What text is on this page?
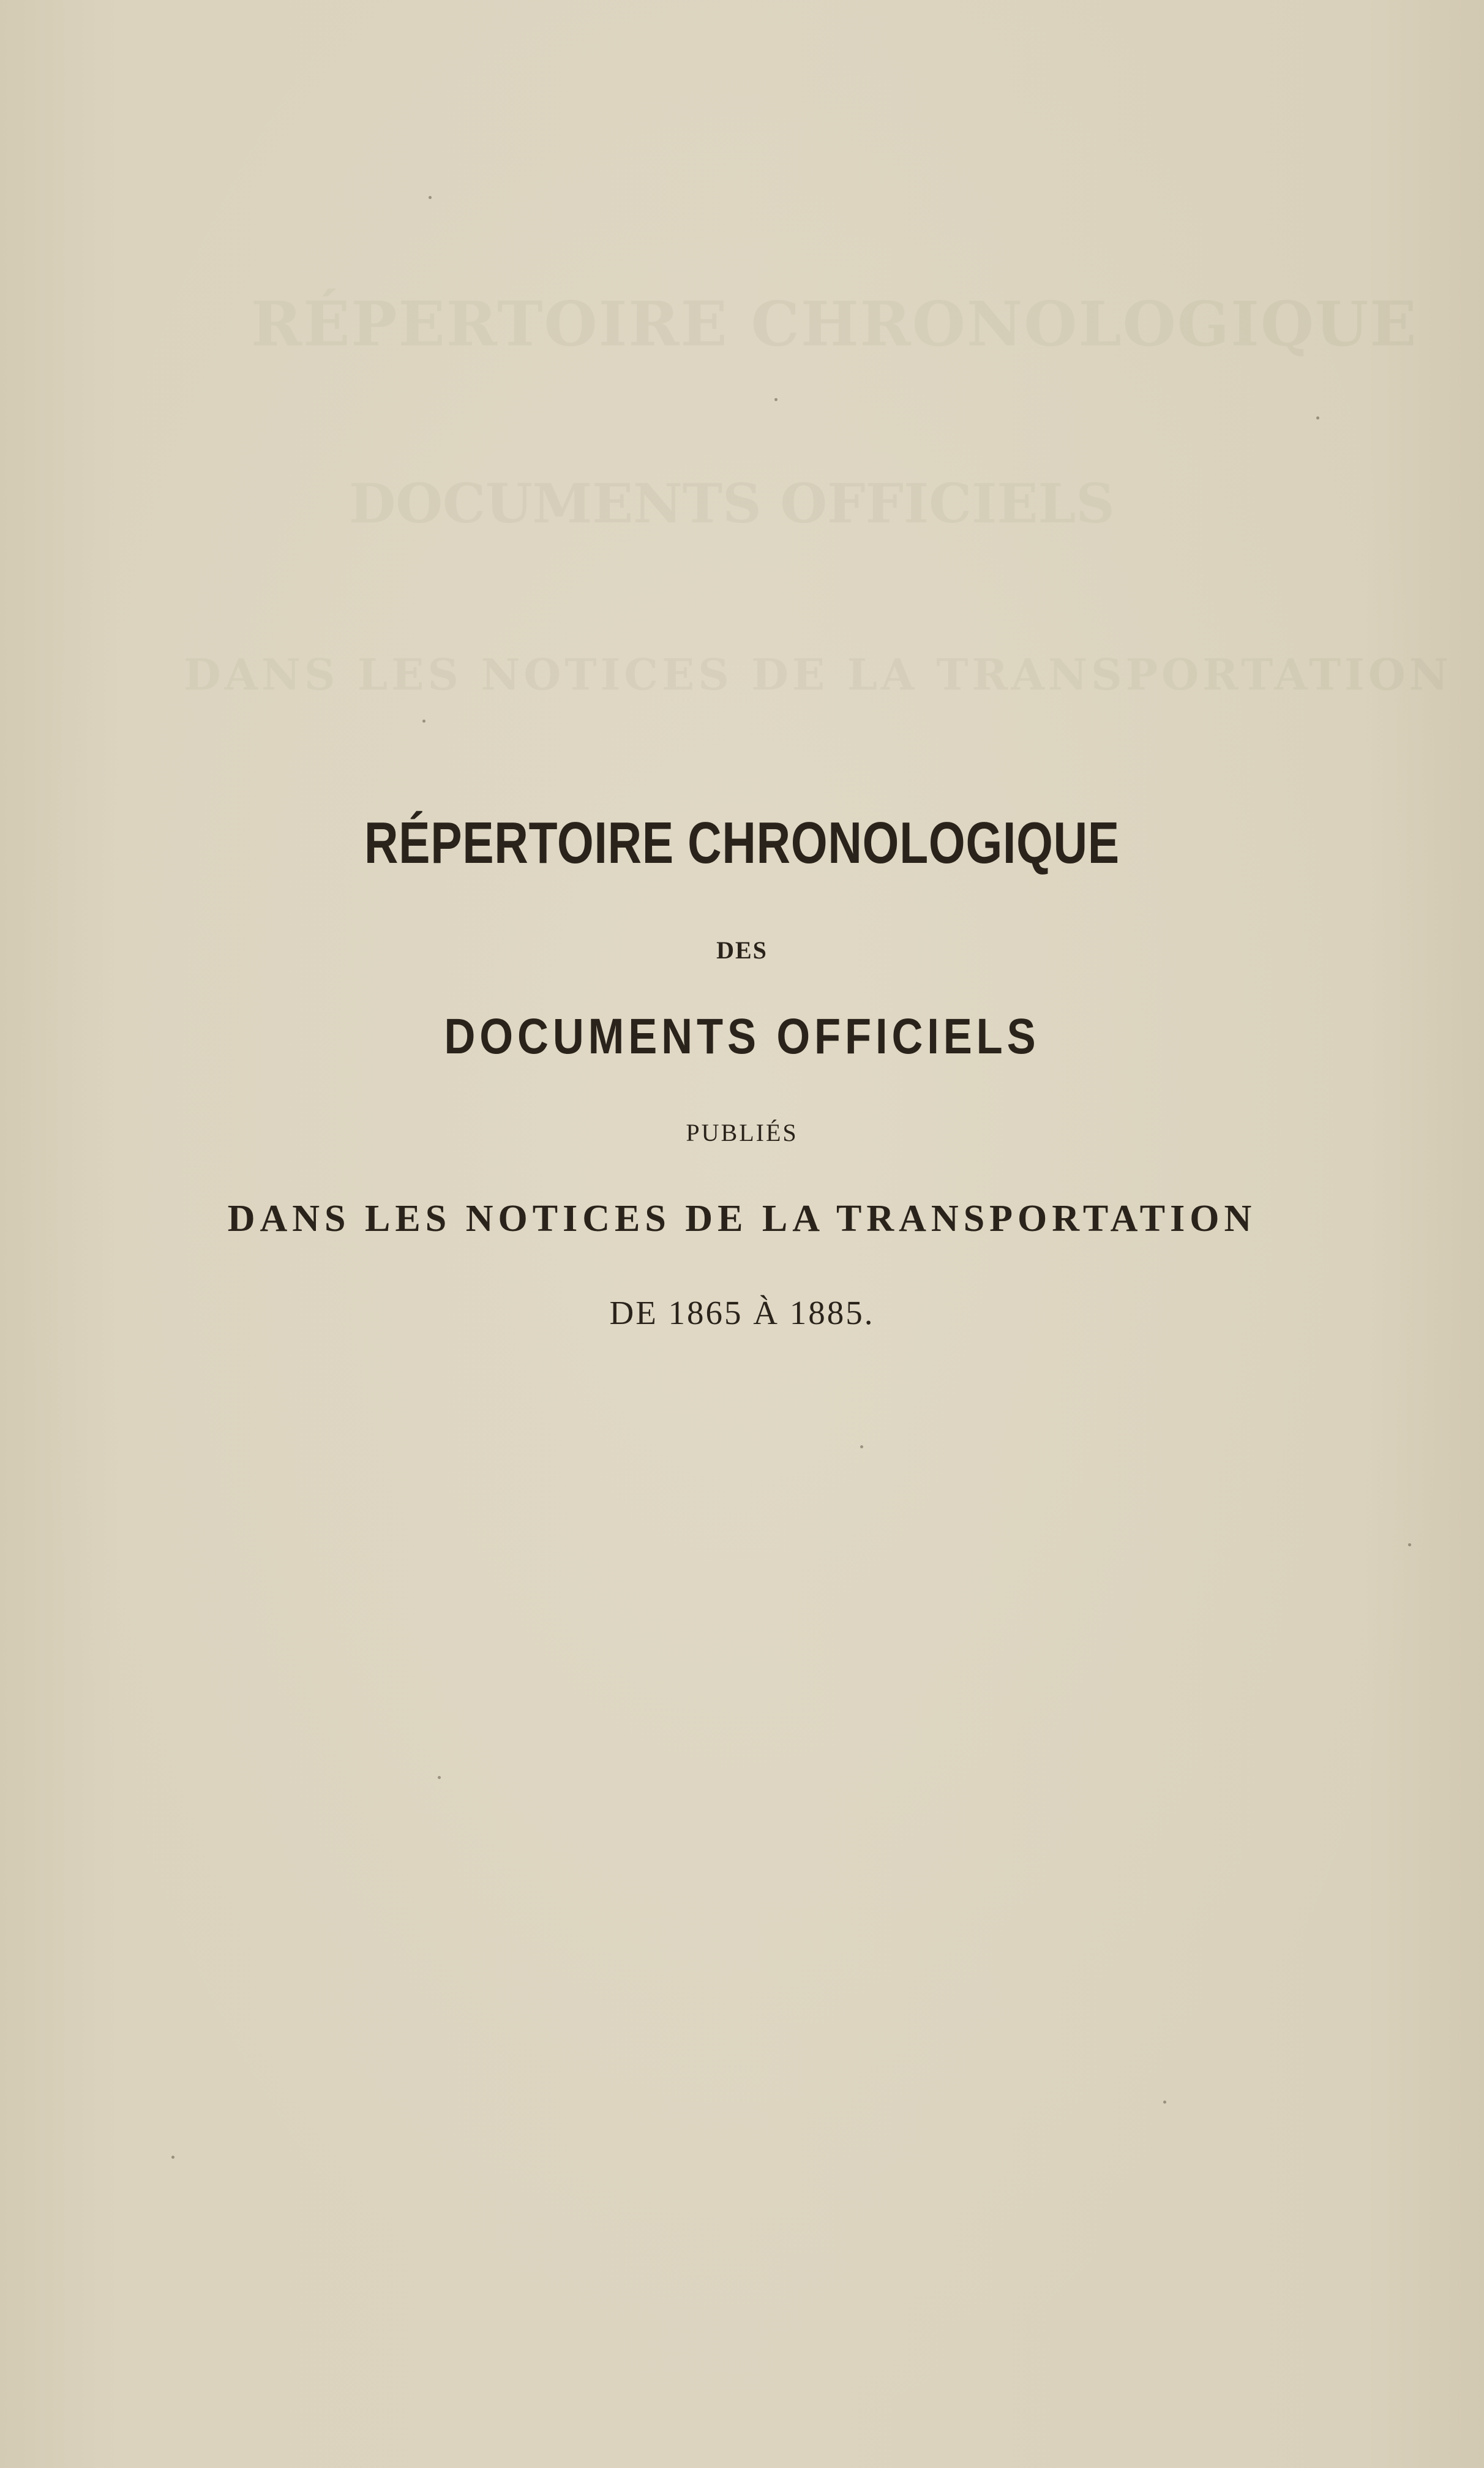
RÉPERTOIRE CHRONOLOGIQUE
DOCUMENTS OFFICIELS
DANS LES NOTICES DE LA TRANSPORTATION
RÉPERTOIRE CHRONOLOGIQUE
DES
DOCUMENTS OFFICIELS
PUBLIÉS
DANS LES NOTICES DE LA TRANSPORTATION
DE 1865 À 1885.
